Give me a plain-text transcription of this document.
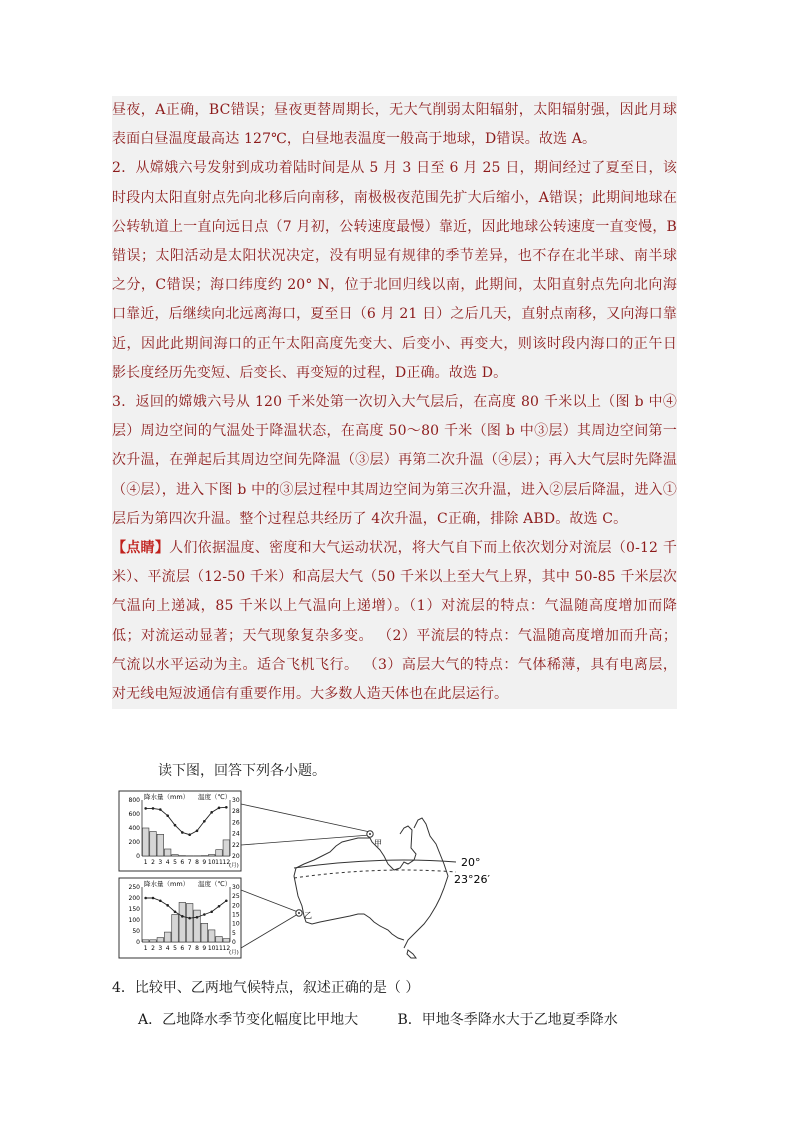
昼夜，A正确，BC错误；昼夜更替周期长，无大气削弱太阳辐射，太阳辐射强，因此月球表面白昼温度最高达 127℃，白昼地表温度一般高于地球，D错误。故选 A。
2．从嫦娥六号发射到成功着陆时间是从 5 月 3 日至 6 月 25 日，期间经过了夏至日，该时段内太阳直射点先向北移后向南移，南极极夜范围先扩大后缩小，A错误；此期间地球在公转轨道上一直向远日点（7 月初，公转速度最慢）靠近，因此地球公转速度一直变慢，B错误；太阳活动是太阳状况决定，没有明显有规律的季节差异，也不存在北半球、南半球之分，C错误；海口纬度约 20° N，位于北回归线以南，此期间，太阳直射点先向北向海口靠近，后继续向北远离海口，夏至日（6 月 21 日）之后几天，直射点南移，又向海口靠近，因此此期间海口的正午太阳高度先变大、后变小、再变大，则该时段内海口的正午日影长度经历先变短、后变长、再变短的过程，D正确。故选 D。
3．返回的嫦娥六号从 120 千米处第一次切入大气层后，在高度 80 千米以上（图 b 中④层）周边空间的气温处于降温状态，在高度 50～80 千米（图 b 中③层）其周边空间第一次升温，在弹起后其周边空间先降温（③层）再第二次升温（④层）；再入大气层时先降温（④层），进入下图 b 中的③层过程中其周边空间为第三次升温，进入②层后降温，进入①层后为第四次升温。整个过程总共经历了 4次升温，C正确，排除 ABD。故选 C。
【点睛】人们依据温度、密度和大气运动状况，将大气自下而上依次划分对流层（0-12 千米）、平流层（12-50 千米）和高层大气（50 千米以上至大气上界，其中 50-85 千米层次气温向上递减，85 千米以上气温向上递增）。（1）对流层的特点：气温随高度增加而降低；对流运动显著；天气现象复杂多变。 （2）平流层的特点：气温随高度增加而升高；气流以水平运动为主。适合飞机飞行。 （3）高层大气的特点：气体稀薄，具有电离层，对无线电短波通信有重要作用。大多数人造天体也在此层运行。
读下图，回答下列各小题。
800
600
400
200
0
30
28
26
24
22
20
1 2 3 4 5 6 7 8 9 10 11 12
降水量（mm） 温度（℃）
(月)
250
200
150
100
50
0
30
25
20
15
10
5
0
1 2 3 4 5 6 7 8 9 10 11 12
降水量（mm） 温度（℃）
(月)
20°
23°26′
甲
乙
4．比较甲、乙两地气候特点，叙述正确的是（ ）
A．乙地降水季节变化幅度比甲地大	B．甲地冬季降水大于乙地夏季降水
